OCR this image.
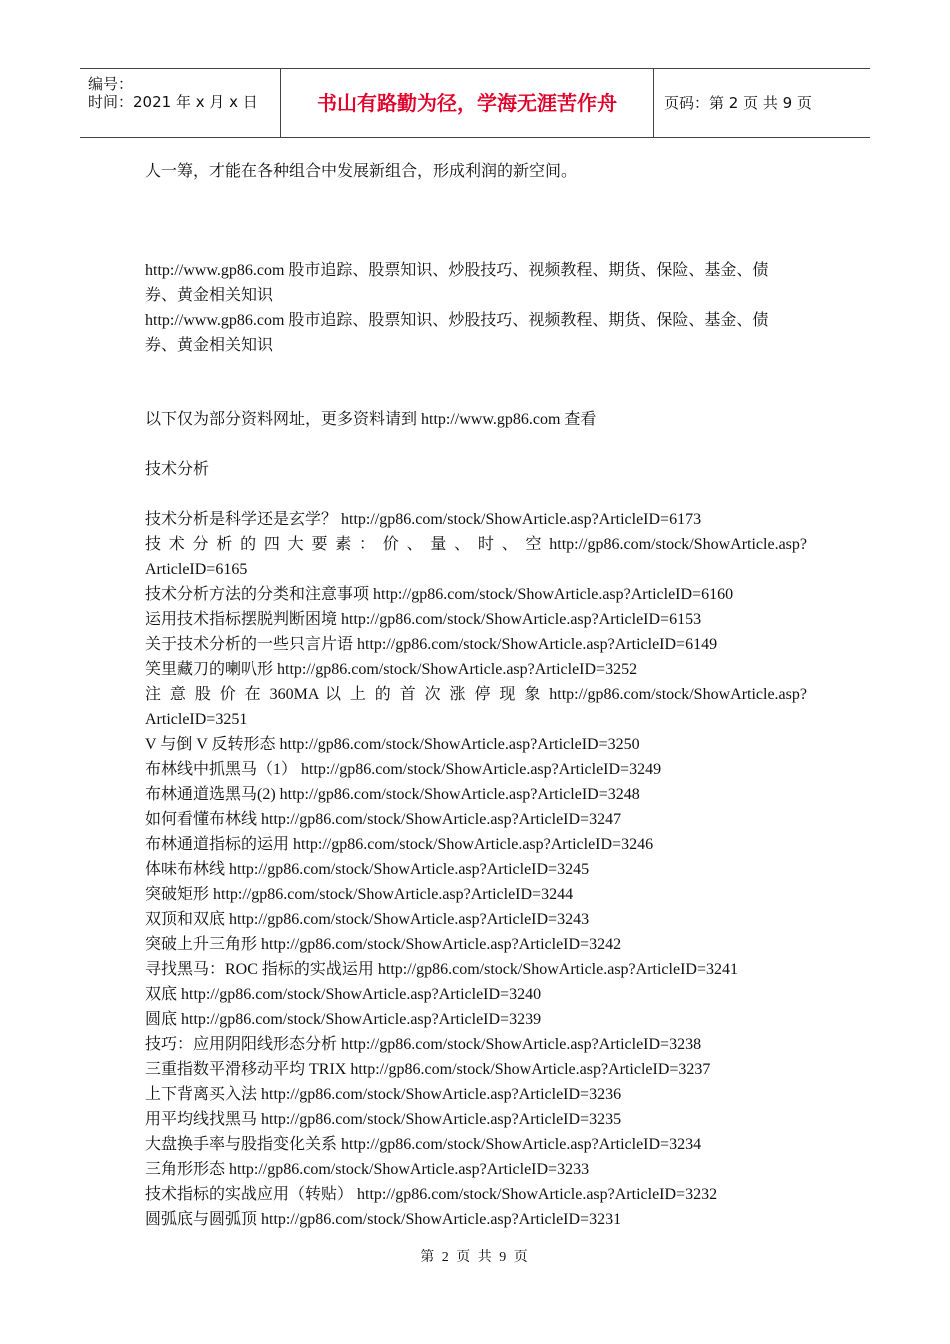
编号：
时间：2021 年 x 月 x 日	书山有路勤为径，学海无涯苦作舟	页码：第 2 页 共 9 页
人一筹，才能在各种组合中发展新组合，形成利润的新空间。
http://www.gp86.com 股市追踪、股票知识、炒股技巧、视频教程、期货、保险、基金、债
券、黄金相关知识
http://www.gp86.com 股市追踪、股票知识、炒股技巧、视频教程、期货、保险、基金、债
券、黄金相关知识
以下仅为部分资料网址，更多资料请到 http://www.gp86.com 查看
技术分析
技术分析是科学还是玄学？ http://gp86.com/stock/ShowArticle.asp?ArticleID=6173
技 术 分 析 的 四 大 要 素 ： 价 、 量 、 时 、 空 http://gp86.com/stock/ShowArticle.asp?
ArticleID=6165
技术分析方法的分类和注意事项 http://gp86.com/stock/ShowArticle.asp?ArticleID=6160
运用技术指标摆脱判断困境 http://gp86.com/stock/ShowArticle.asp?ArticleID=6153
关于技术分析的一些只言片语 http://gp86.com/stock/ShowArticle.asp?ArticleID=6149
笑里藏刀的喇叭形 http://gp86.com/stock/ShowArticle.asp?ArticleID=3252
注 意 股 价 在 360MA 以 上 的 首 次 涨 停 现 象 http://gp86.com/stock/ShowArticle.asp?
ArticleID=3251
V 与倒 V 反转形态 http://gp86.com/stock/ShowArticle.asp?ArticleID=3250
布林线中抓黑马（1） http://gp86.com/stock/ShowArticle.asp?ArticleID=3249
布林通道选黑马(2) http://gp86.com/stock/ShowArticle.asp?ArticleID=3248
如何看懂布林线 http://gp86.com/stock/ShowArticle.asp?ArticleID=3247
布林通道指标的运用 http://gp86.com/stock/ShowArticle.asp?ArticleID=3246
体味布林线 http://gp86.com/stock/ShowArticle.asp?ArticleID=3245
突破矩形 http://gp86.com/stock/ShowArticle.asp?ArticleID=3244
双顶和双底 http://gp86.com/stock/ShowArticle.asp?ArticleID=3243
突破上升三角形 http://gp86.com/stock/ShowArticle.asp?ArticleID=3242
寻找黑马：ROC 指标的实战运用 http://gp86.com/stock/ShowArticle.asp?ArticleID=3241
双底 http://gp86.com/stock/ShowArticle.asp?ArticleID=3240
圆底 http://gp86.com/stock/ShowArticle.asp?ArticleID=3239
技巧：应用阴阳线形态分析 http://gp86.com/stock/ShowArticle.asp?ArticleID=3238
三重指数平滑移动平均 TRIX http://gp86.com/stock/ShowArticle.asp?ArticleID=3237
上下背离买入法 http://gp86.com/stock/ShowArticle.asp?ArticleID=3236
用平均线找黑马 http://gp86.com/stock/ShowArticle.asp?ArticleID=3235
大盘换手率与股指变化关系 http://gp86.com/stock/ShowArticle.asp?ArticleID=3234
三角形形态 http://gp86.com/stock/ShowArticle.asp?ArticleID=3233
技术指标的实战应用（转贴） http://gp86.com/stock/ShowArticle.asp?ArticleID=3232
圆弧底与圆弧顶 http://gp86.com/stock/ShowArticle.asp?ArticleID=3231
第 2 页 共 9 页
